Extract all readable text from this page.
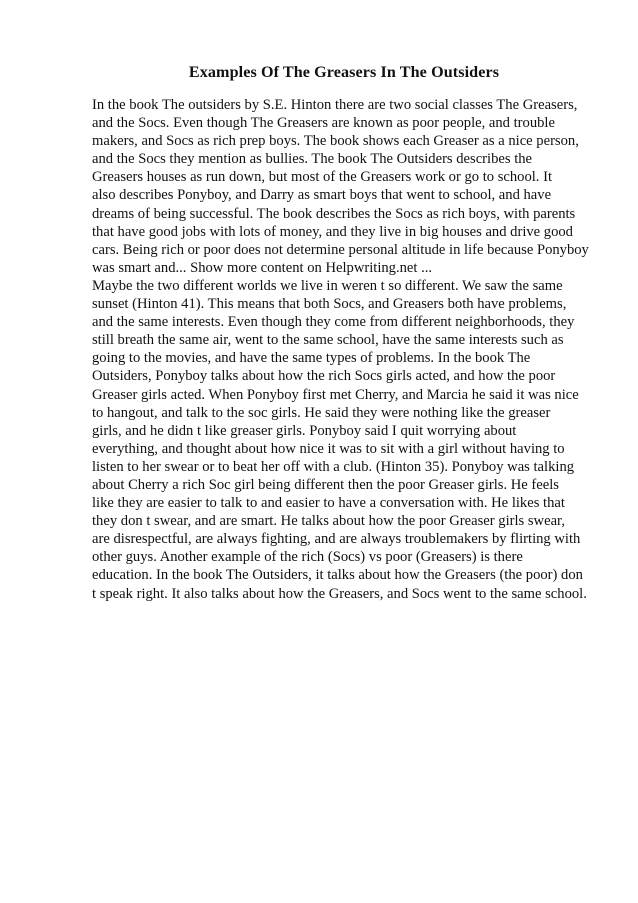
Examples Of The Greasers In The Outsiders
In the book The outsiders by S.E. Hinton there are two social classes The Greasers,
and the Socs. Even though The Greasers are known as poor people, and trouble
makers, and Socs as rich prep boys. The book shows each Greaser as a nice person,
and the Socs they mention as bullies. The book The Outsiders describes the
Greasers houses as run down, but most of the Greasers work or go to school. It
also describes Ponyboy, and Darry as smart boys that went to school, and have
dreams of being successful. The book describes the Socs as rich boys, with parents
that have good jobs with lots of money, and they live in big houses and drive good
cars. Being rich or poor does not determine personal altitude in life because Ponyboy
was smart and... Show more content on Helpwriting.net ...
Maybe the two different worlds we live in weren t so different. We saw the same
sunset (Hinton 41). This means that both Socs, and Greasers both have problems,
and the same interests. Even though they come from different neighborhoods, they
still breath the same air, went to the same school, have the same interests such as
going to the movies, and have the same types of problems. In the book The
Outsiders, Ponyboy talks about how the rich Socs girls acted, and how the poor
Greaser girls acted. When Ponyboy first met Cherry, and Marcia he said it was nice
to hangout, and talk to the soc girls. He said they were nothing like the greaser
girls, and he didn t like greaser girls. Ponyboy said I quit worrying about
everything, and thought about how nice it was to sit with a girl without having to
listen to her swear or to beat her off with a club. (Hinton 35). Ponyboy was talking
about Cherry a rich Soc girl being different then the poor Greaser girls. He feels
like they are easier to talk to and easier to have a conversation with. He likes that
they don t swear, and are smart. He talks about how the poor Greaser girls swear,
are disrespectful, are always fighting, and are always troublemakers by flirting with
other guys. Another example of the rich (Socs) vs poor (Greasers) is there
education. In the book The Outsiders, it talks about how the Greasers (the poor) don
t speak right. It also talks about how the Greasers, and Socs went to the same school.
